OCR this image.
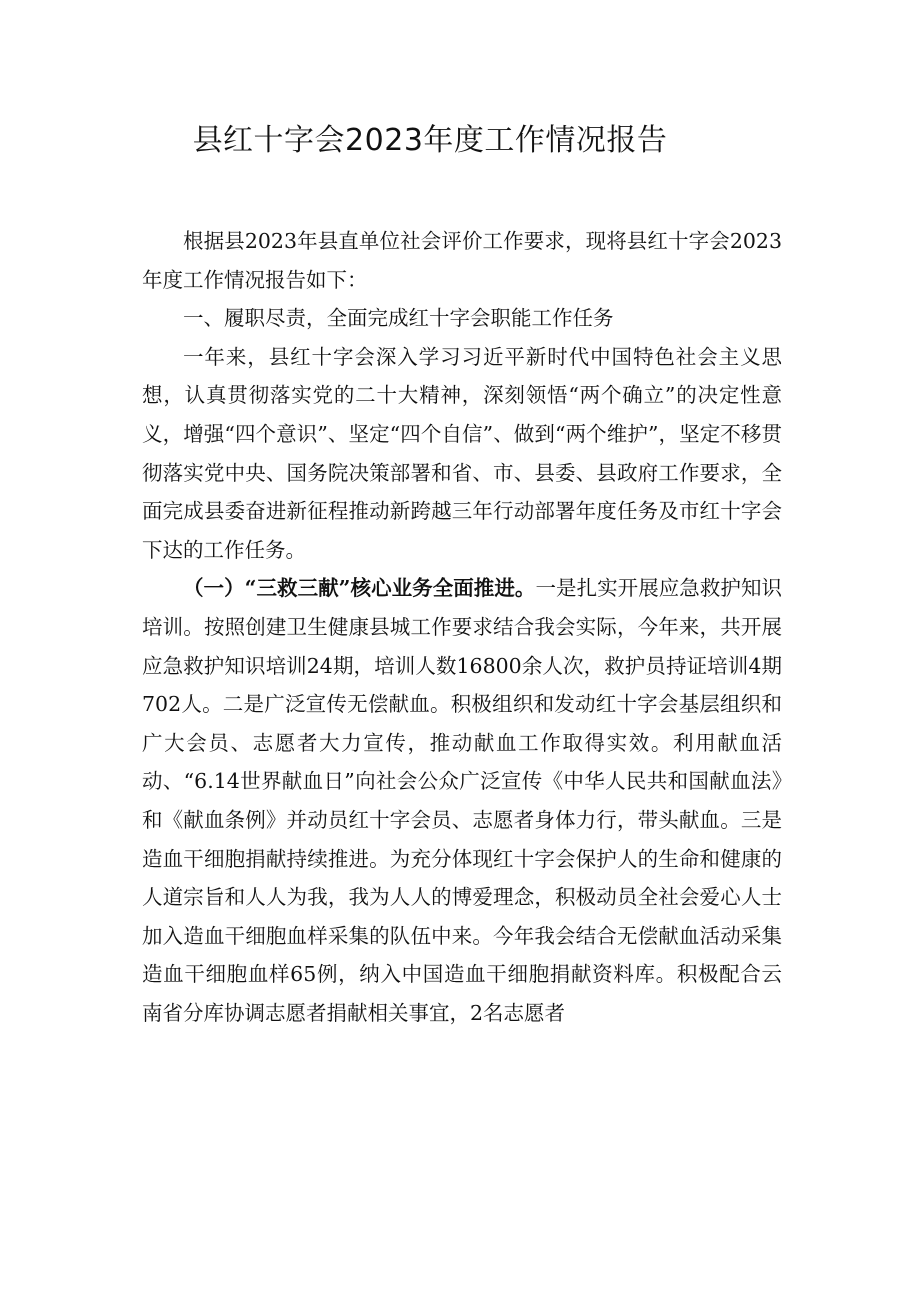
县红十字会2023年度工作情况报告

根据县2023年县直单位社会评价工作要求，现将县红十字会2023年度工作情况报告如下：

一、履职尽责，全面完成红十字会职能工作任务

一年来，县红十字会深入学习习近平新时代中国特色社会主义思想，认真贯彻落实党的二十大精神，深刻领悟“两个确立”的决定性意义，增强“四个意识”、坚定“四个自信”、做到“两个维护”，坚定不移贯彻落实党中央、国务院决策部署和省、市、县委、县政府工作要求，全面完成县委奋进新征程推动新跨越三年行动部署年度任务及市红十字会下达的工作任务。

（一）“三救三献”核心业务全面推进。一是扎实开展应急救护知识培训。按照创建卫生健康县城工作要求结合我会实际，今年来，共开展应急救护知识培训24期，培训人数16800余人次，救护员持证培训4期702人。二是广泛宣传无偿献血。积极组织和发动红十字会基层组织和广大会员、志愿者大力宣传，推动献血工作取得实效。利用献血活动、“6.14世界献血日”向社会公众广泛宣传《中华人民共和国献血法》和《献血条例》并动员红十字会员、志愿者身体力行，带头献血。三是造血干细胞捐献持续推进。为充分体现红十字会保护人的生命和健康的人道宗旨和人人为我，我为人人的博爱理念，积极动员全社会爱心人士加入造血干细胞血样采集的队伍中来。今年我会结合无偿献血活动采集造血干细胞血样65例，纳入中国造血干细胞捐献资料库。积极配合云南省分库协调志愿者捐献相关事宜，2名志愿者
